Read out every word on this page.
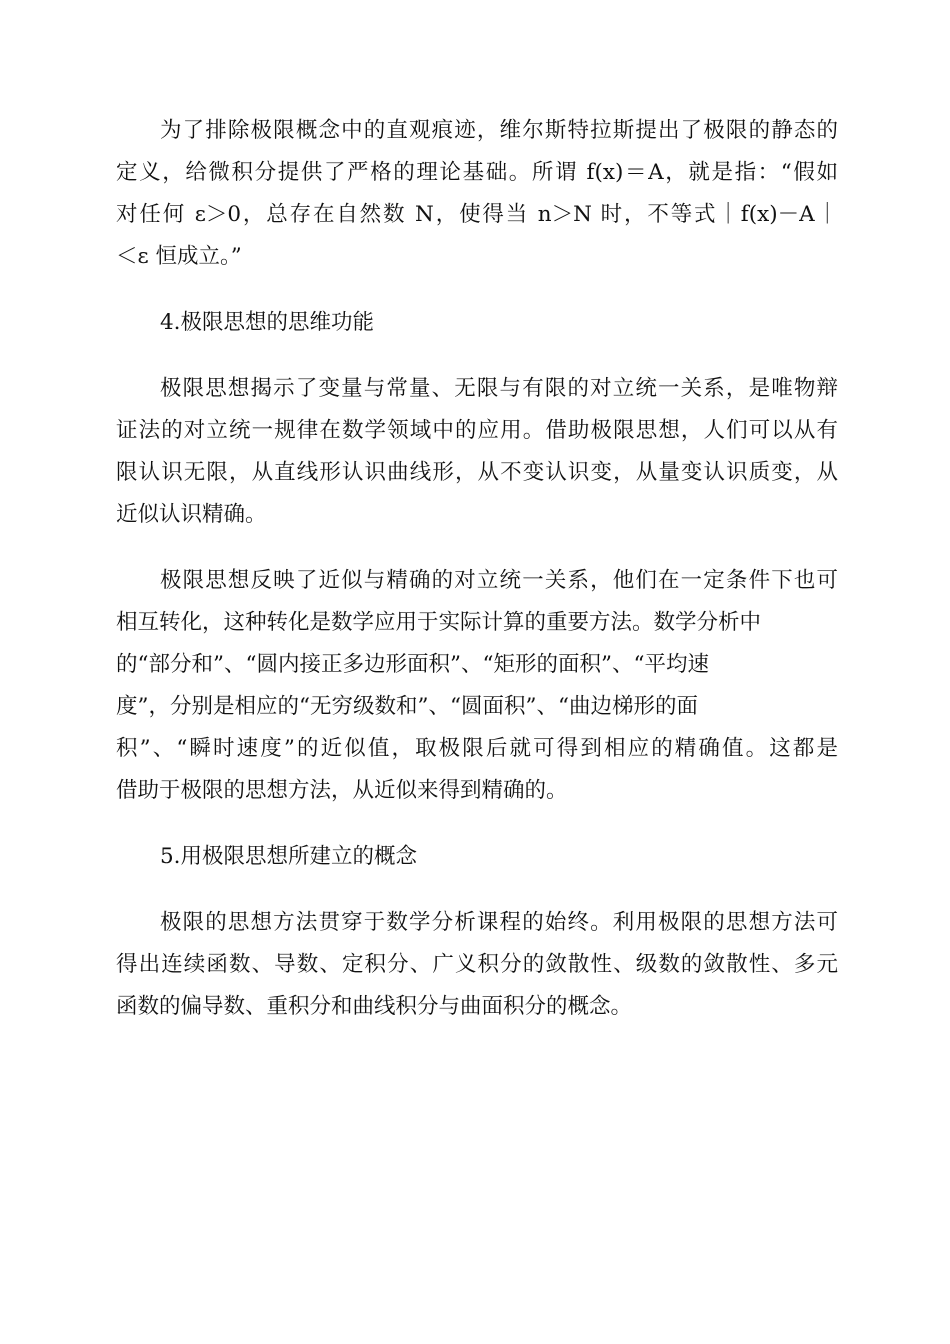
为了排除极限概念中的直观痕迹，维尔斯特拉斯提出了极限的静态的
定义，给微积分提供了严格的理论基础。所谓 f(x)＝A，就是指：“假如
对任何 ε＞0，总存在自然数 N，使得当 n＞N 时，不等式｜f(x)－A｜
＜ε 恒成立。”
4.极限思想的思维功能
极限思想揭示了变量与常量、无限与有限的对立统一关系，是唯物辩
证法的对立统一规律在数学领域中的应用。借助极限思想，人们可以从有
限认识无限，从直线形认识曲线形，从不变认识变，从量变认识质变，从
近似认识精确。
极限思想反映了近似与精确的对立统一关系，他们在一定条件下也可
相互转化，这种转化是数学应用于实际计算的重要方法。数学分析中
的“部分和”、“圆内接正多边形面积”、“矩形的面积”、“平均速
度”，分别是相应的“无穷级数和”、“圆面积”、“曲边梯形的面
积”、“瞬时速度”的近似值，取极限后就可得到相应的精确值。这都是
借助于极限的思想方法，从近似来得到精确的。
5.用极限思想所建立的概念
极限的思想方法贯穿于数学分析课程的始终。利用极限的思想方法可
得出连续函数、导数、定积分、广义积分的敛散性、级数的敛散性、多元
函数的偏导数、重积分和曲线积分与曲面积分的概念。
